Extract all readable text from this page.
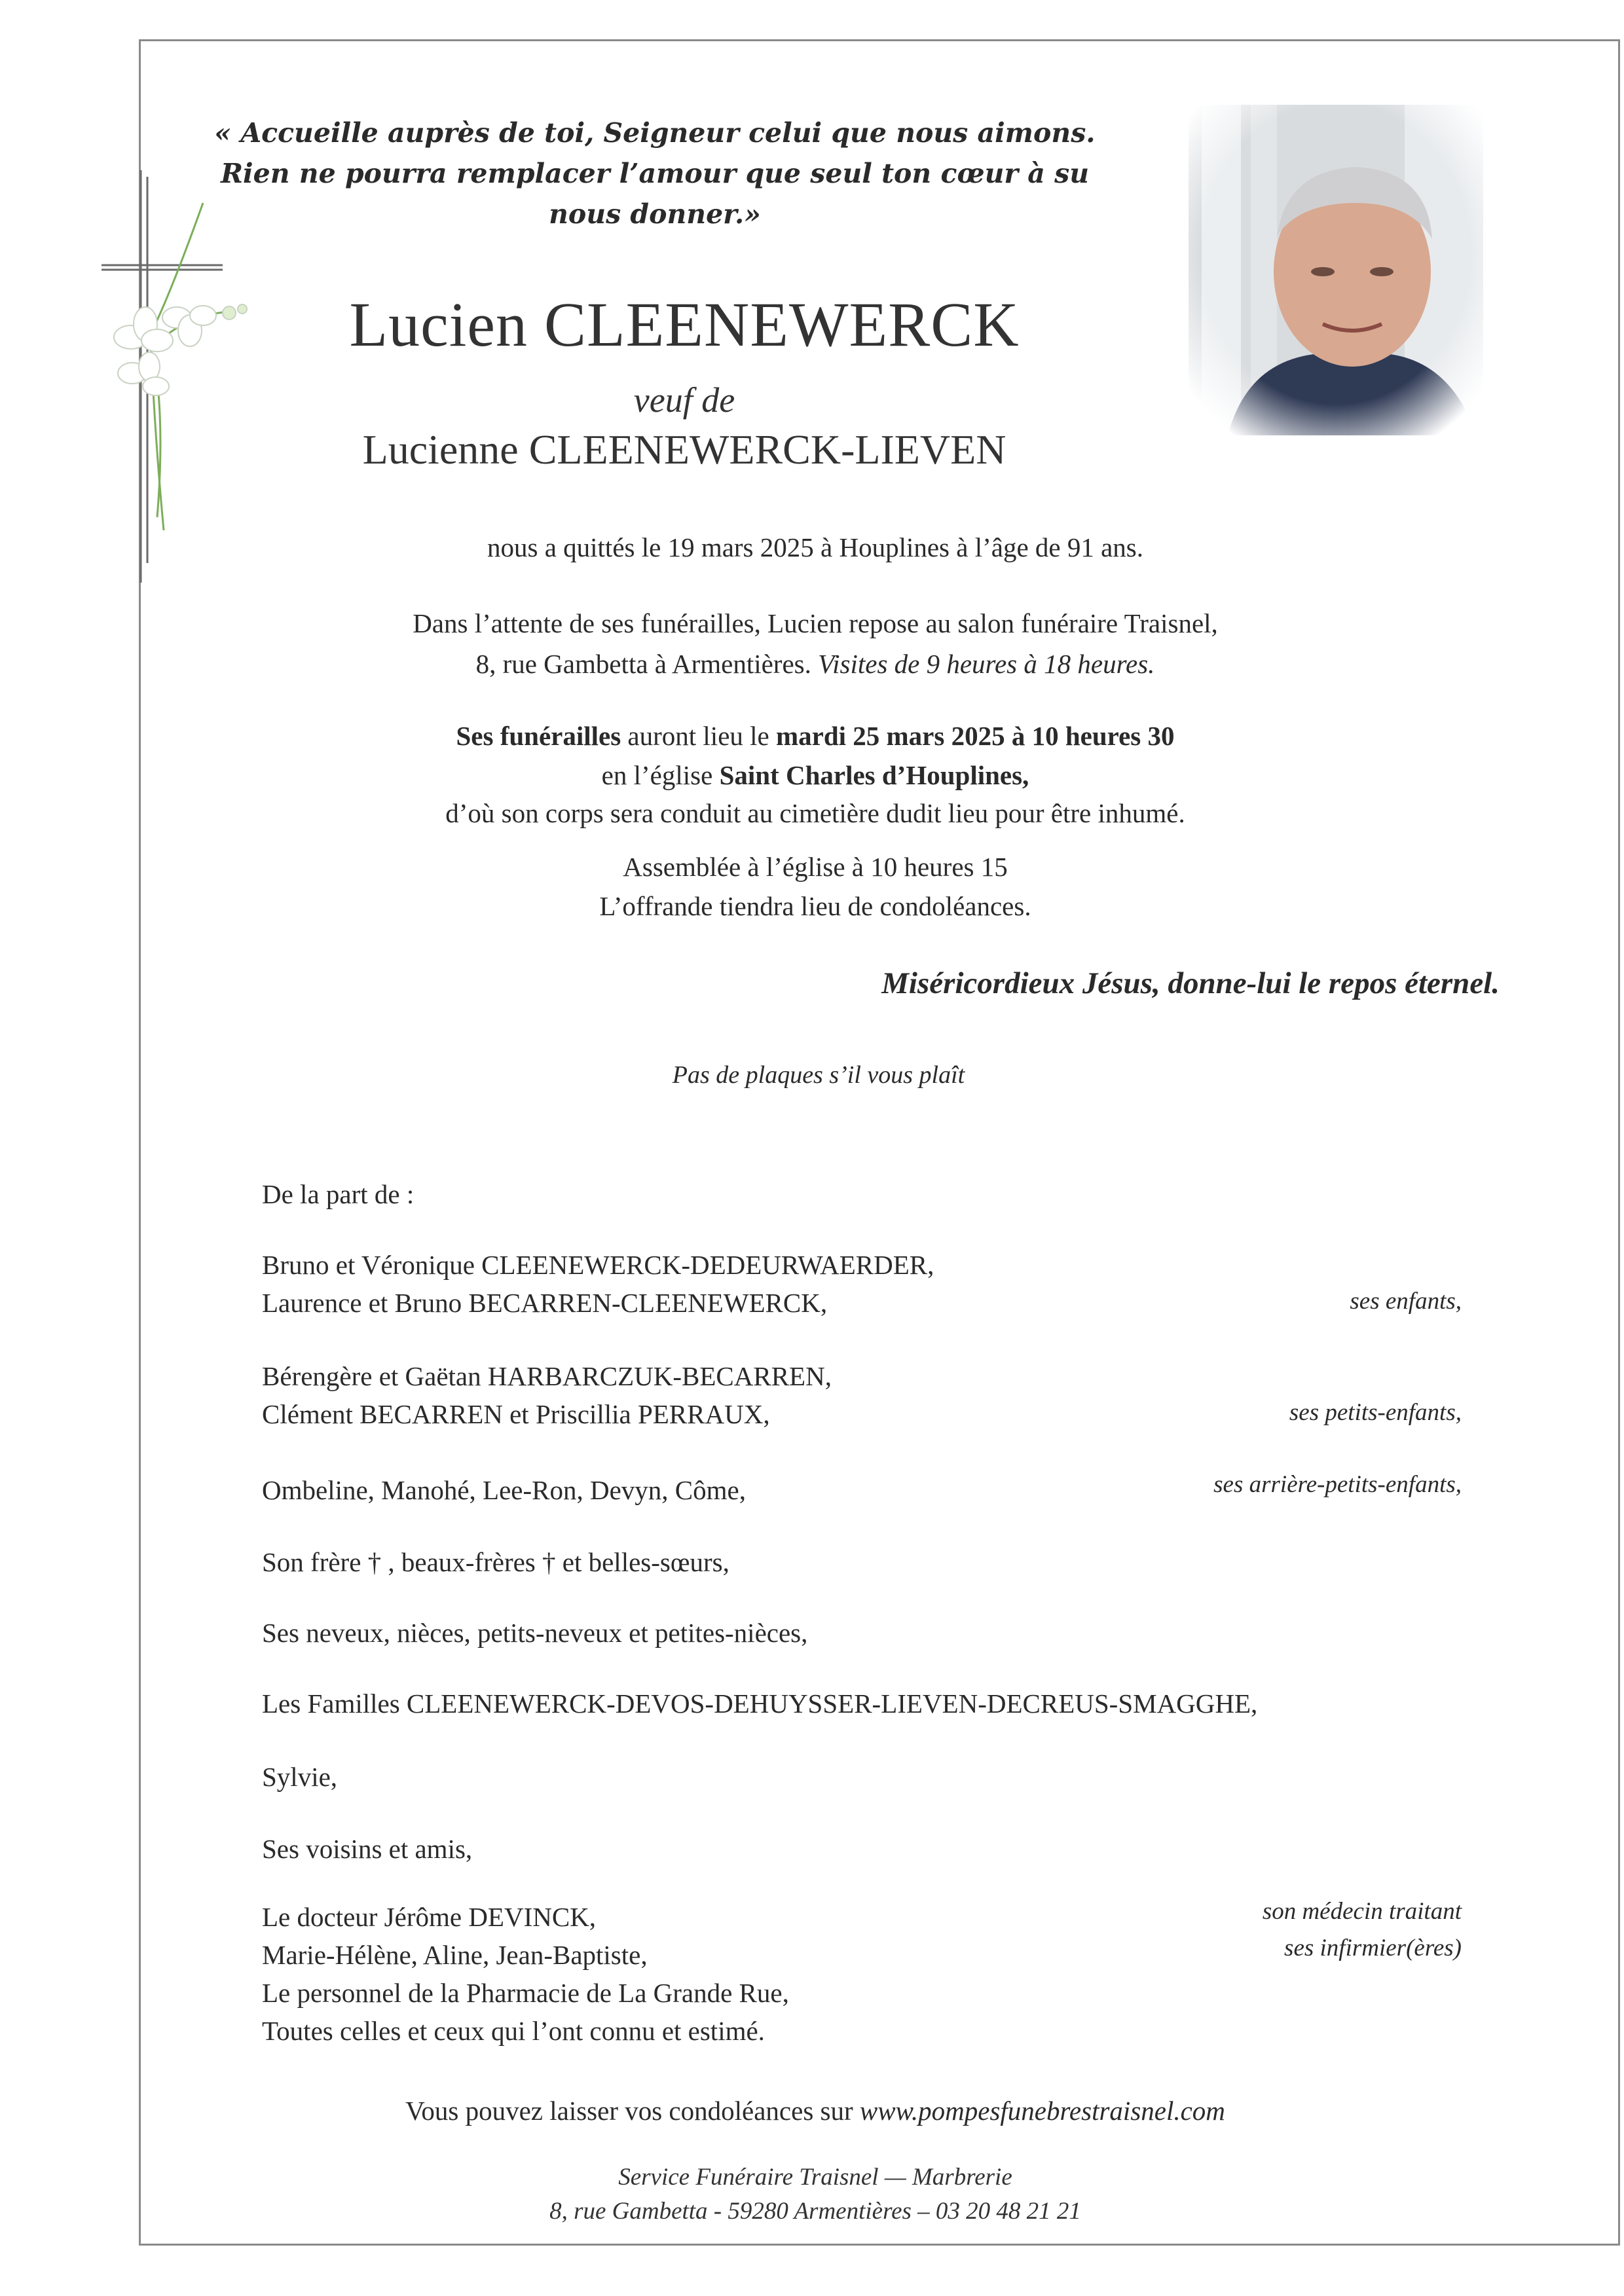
« Accueille auprès de toi, Seigneur celui que nous aimons.
Rien ne pourra remplacer l’amour que seul ton cœur à su nous donner.»
Lucien CLEENEWERCK
veuf de
Lucienne CLEENEWERCK-LIEVEN
nous a quittés le 19 mars 2025 à Houplines à l’âge de 91 ans.
Dans l’attente de ses funérailles, Lucien repose au salon funéraire Traisnel,
8, rue Gambetta à Armentières. Visites de 9 heures à 18 heures.
Ses funérailles auront lieu le mardi 25 mars 2025 à 10 heures 30
en l’église Saint Charles d’Houplines,
d’où son corps sera conduit au cimetière dudit lieu pour être inhumé.
Assemblée à l’église à 10 heures 15
L’offrande tiendra lieu de condoléances.
Miséricordieux Jésus, donne-lui le repos éternel.
Pas de plaques s’il vous plaît
De la part de :
Bruno et Véronique CLEENEWERCK-DEDEURWAERDER,
Laurence et Bruno BECARREN-CLEENEWERCK,	ses enfants,
Bérengère et Gaëtan HARBARCZUK-BECARREN,
Clément BECARREN et Priscillia PERRAUX,	ses petits-enfants,
Ombeline, Manohé, Lee-Ron, Devyn, Côme,	ses arrière-petits-enfants,
Son frère † , beaux-frères † et belles-sœurs,
Ses neveux, nièces, petits-neveux et petites-nièces,
Les Familles CLEENEWERCK-DEVOS-DEHUYSSER-LIEVEN-DECREUS-SMAGGHE,
Sylvie,
Ses voisins et amis,
Le docteur Jérôme DEVINCK,	son médecin traitant
Marie-Hélène, Aline, Jean-Baptiste,	ses infirmier(ères)
Le personnel de la Pharmacie de La Grande Rue,
Toutes celles et ceux qui l’ont connu et estimé.
Vous pouvez laisser vos condoléances sur www.pompesfunebrestraisnel.com
Service Funéraire Traisnel — Marbrerie
8, rue Gambetta - 59280 Armentières – 03 20 48 21 21
